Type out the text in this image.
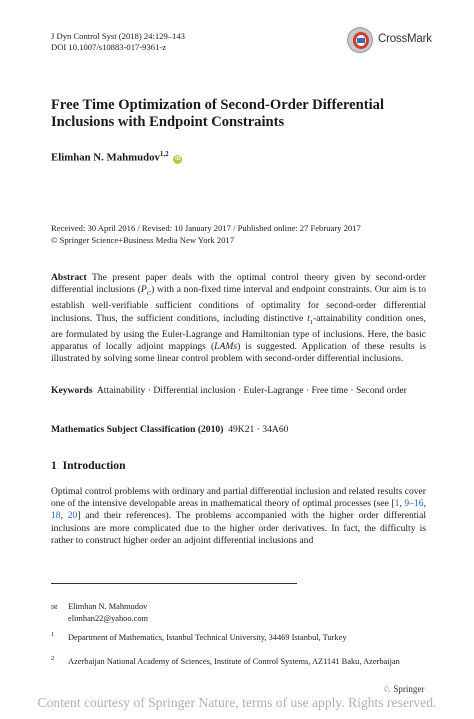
J Dyn Control Syst (2018) 24:129–143
DOI 10.1007/s10883-017-9361-z
CrossMark
Free Time Optimization of Second-Order Differential
Inclusions with Endpoint Constraints
Elimhan N. Mahmudov$^{1,2}$ iD
Received: 30 April 2016 / Revised: 10 January 2017 / Published online: 27 February 2017
© Springer Science+Business Media New York 2017
Abstract The present paper deals with the optimal control theory given by second-order differential inclusions $(P_C)$ with a non-fixed time interval and endpoint constraints. Our aim is to establish well-verifiable sufficient conditions of optimality for second-order differential inclusions. Thus, the sufficient conditions, including distinctive $t_1$-attainability condition ones, are formulated by using the Euler-Lagrange and Hamiltonian type of inclusions. Here, the basic apparatus of locally adjoint mappings (LAMs) is suggested. Application of these results is illustrated by solving some linear control problem with second-order differential inclusions.
Keywords Attainability · Differential inclusion · Euler-Lagrange · Free time · Second order
Mathematics Subject Classification (2010) 49K21 · 34A60
1 Introduction
Optimal control problems with ordinary and partial differential inclusion and related results cover one of the intensive developable areas in mathematical theory of optimal processes (see [1, 9–16, 18, 20] and their references). The problems accompanied with the higher order differential inclusions are more complicated due to the higher order derivatives. In fact, the difficulty is rather to construct higher order an adjoint differential inclusions and
✉ Elimhan N. Mahmudov
elimhan22@yahoo.com
1 Department of Mathematics, Istanbul Technical University, 34469 Istanbul, Turkey
2 Azerbaijan National Academy of Sciences, Institute of Control Systems, AZ1141 Baku, Azerbaijan
♘ Springer
Content courtesy of Springer Nature, terms of use apply. Rights reserved.
